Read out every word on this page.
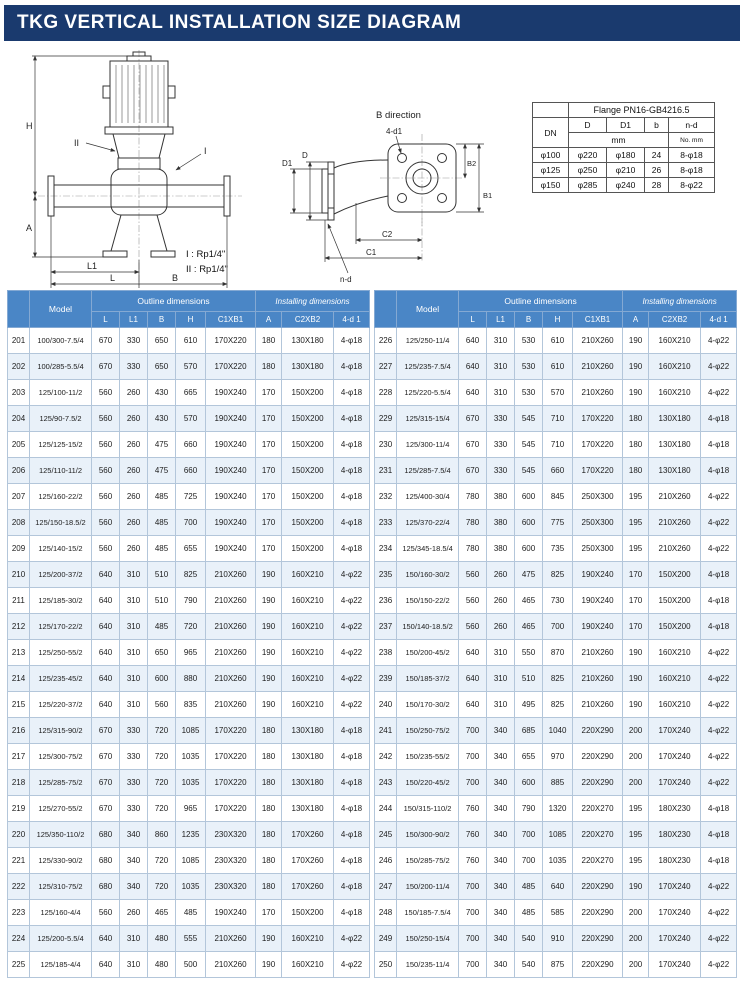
TKG VERTICAL INSTALLATION SIZE DIAGRAM
H
A
L1
L	B
II
I
B direction
4-d1
D
D1	B2
B1
C2
C1
n-d
	Flange PN16-GB4216.5			
DN	D	D1	b	n-d
	mm			No. mm
φ100	φ220	φ180	24	8-φ18
φ125	φ250	φ210	26	8-φ18
φ150	φ285	φ240	28	8-φ22
I : Rp1/4"
II : Rp1/4"
	Model	Outline dimensions					Installing dimensions		
		L	L1	B	H	C1XB1	A	C2XB2	4-d 1
201	100/300-7.5/4	670	330	650	610	170X220	180	130X180	4-φ18
202	100/285-5.5/4	670	330	650	570	170X220	180	130X180	4-φ18
203	125/100-11/2	560	260	430	665	190X240	170	150X200	4-φ18
204	125/90-7.5/2	560	260	430	570	190X240	170	150X200	4-φ18
205	125/125-15/2	560	260	475	660	190X240	170	150X200	4-φ18
206	125/110-11/2	560	260	475	660	190X240	170	150X200	4-φ18
207	125/160-22/2	560	260	485	725	190X240	170	150X200	4-φ18
208	125/150-18.5/2	560	260	485	700	190X240	170	150X200	4-φ18
209	125/140-15/2	560	260	485	655	190X240	170	150X200	4-φ18
210	125/200-37/2	640	310	510	825	210X260	190	160X210	4-φ22
211	125/185-30/2	640	310	510	790	210X260	190	160X210	4-φ22
212	125/170-22/2	640	310	485	720	210X260	190	160X210	4-φ22
213	125/250-55/2	640	310	650	965	210X260	190	160X210	4-φ22
214	125/235-45/2	640	310	600	880	210X260	190	160X210	4-φ22
215	125/220-37/2	640	310	560	835	210X260	190	160X210	4-φ22
216	125/315-90/2	670	330	720	1085	170X220	180	130X180	4-φ18
217	125/300-75/2	670	330	720	1035	170X220	180	130X180	4-φ18
218	125/285-75/2	670	330	720	1035	170X220	180	130X180	4-φ18
219	125/270-55/2	670	330	720	965	170X220	180	130X180	4-φ18
220	125/350-110/2	680	340	860	1235	230X320	180	170X260	4-φ18
221	125/330-90/2	680	340	720	1085	230X320	180	170X260	4-φ18
222	125/310-75/2	680	340	720	1035	230X320	180	170X260	4-φ18
223	125/160-4/4	560	260	465	485	190X240	170	150X200	4-φ18
224	125/200-5.5/4	640	310	480	555	210X260	190	160X210	4-φ22
225	125/185-4/4	640	310	480	500	210X260	190	160X210	4-φ22
	Model	Outline dimensions					Installing dimensions		
		L	L1	B	H	C1XB1	A	C2XB2	4-d 1
226	125/250-11/4	640	310	530	610	210X260	190	160X210	4-φ22
227	125/235-7.5/4	640	310	530	610	210X260	190	160X210	4-φ22
228	125/220-5.5/4	640	310	530	570	210X260	190	160X210	4-φ22
229	125/315-15/4	670	330	545	710	170X220	180	130X180	4-φ18
230	125/300-11/4	670	330	545	710	170X220	180	130X180	4-φ18
231	125/285-7.5/4	670	330	545	660	170X220	180	130X180	4-φ18
232	125/400-30/4	780	380	600	845	250X300	195	210X260	4-φ22
233	125/370-22/4	780	380	600	775	250X300	195	210X260	4-φ22
234	125/345-18.5/4	780	380	600	735	250X300	195	210X260	4-φ22
235	150/160-30/2	560	260	475	825	190X240	170	150X200	4-φ18
236	150/150-22/2	560	260	465	730	190X240	170	150X200	4-φ18
237	150/140-18.5/2	560	260	465	700	190X240	170	150X200	4-φ18
238	150/200-45/2	640	310	550	870	210X260	190	160X210	4-φ22
239	150/185-37/2	640	310	510	825	210X260	190	160X210	4-φ22
240	150/170-30/2	640	310	495	825	210X260	190	160X210	4-φ22
241	150/250-75/2	700	340	685	1040	220X290	200	170X240	4-φ22
242	150/235-55/2	700	340	655	970	220X290	200	170X240	4-φ22
243	150/220-45/2	700	340	600	885	220X290	200	170X240	4-φ22
244	150/315-110/2	760	340	790	1320	220X270	195	180X230	4-φ18
245	150/300-90/2	760	340	700	1085	220X270	195	180X230	4-φ18
246	150/285-75/2	760	340	700	1035	220X270	195	180X230	4-φ18
247	150/200-11/4	700	340	485	640	220X290	190	170X240	4-φ22
248	150/185-7.5/4	700	340	485	585	220X290	200	170X240	4-φ22
249	150/250-15/4	700	340	540	910	220X290	200	170X240	4-φ22
250	150/235-11/4	700	340	540	875	220X290	200	170X240	4-φ22
